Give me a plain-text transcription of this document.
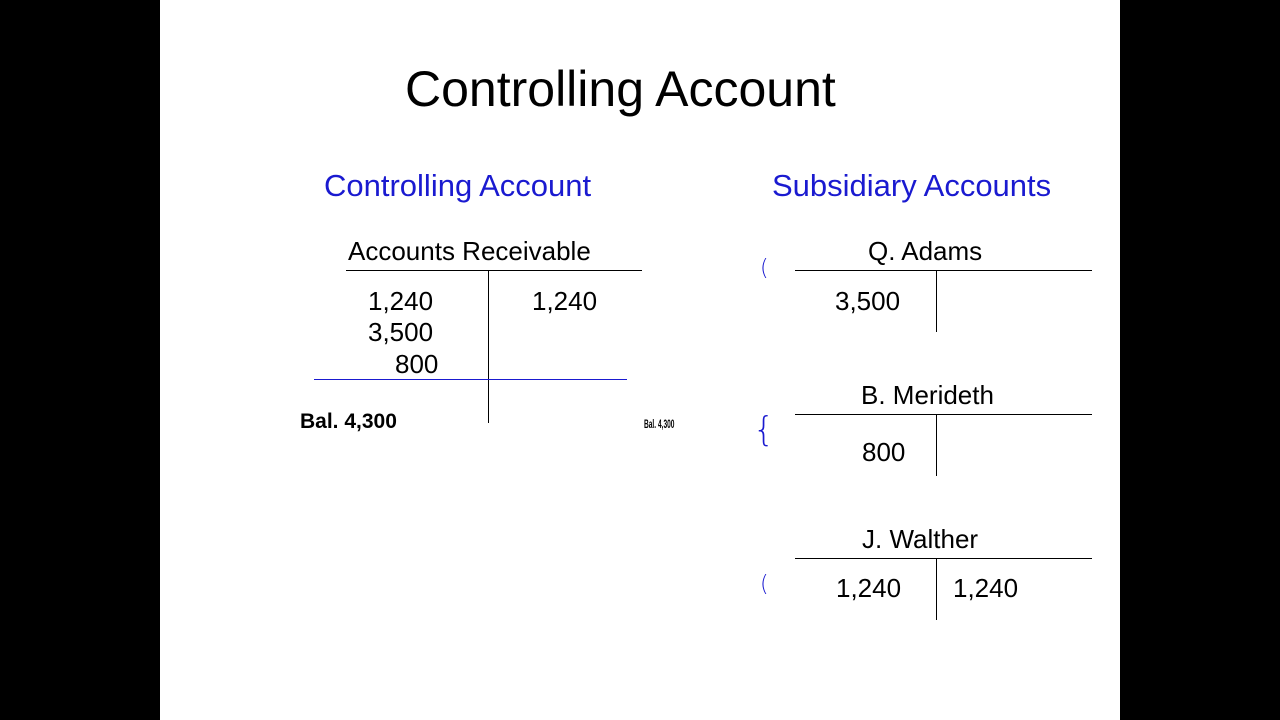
Controlling Account
Controlling Account	Subsidiary Accounts
Accounts Receivable
1,240
3,500
800
1,240
Bal. 4,300	Bal. 4,300
(
{
(
Q. Adams
3,500
B. Merideth
800
J. Walther
1,240 1,240
